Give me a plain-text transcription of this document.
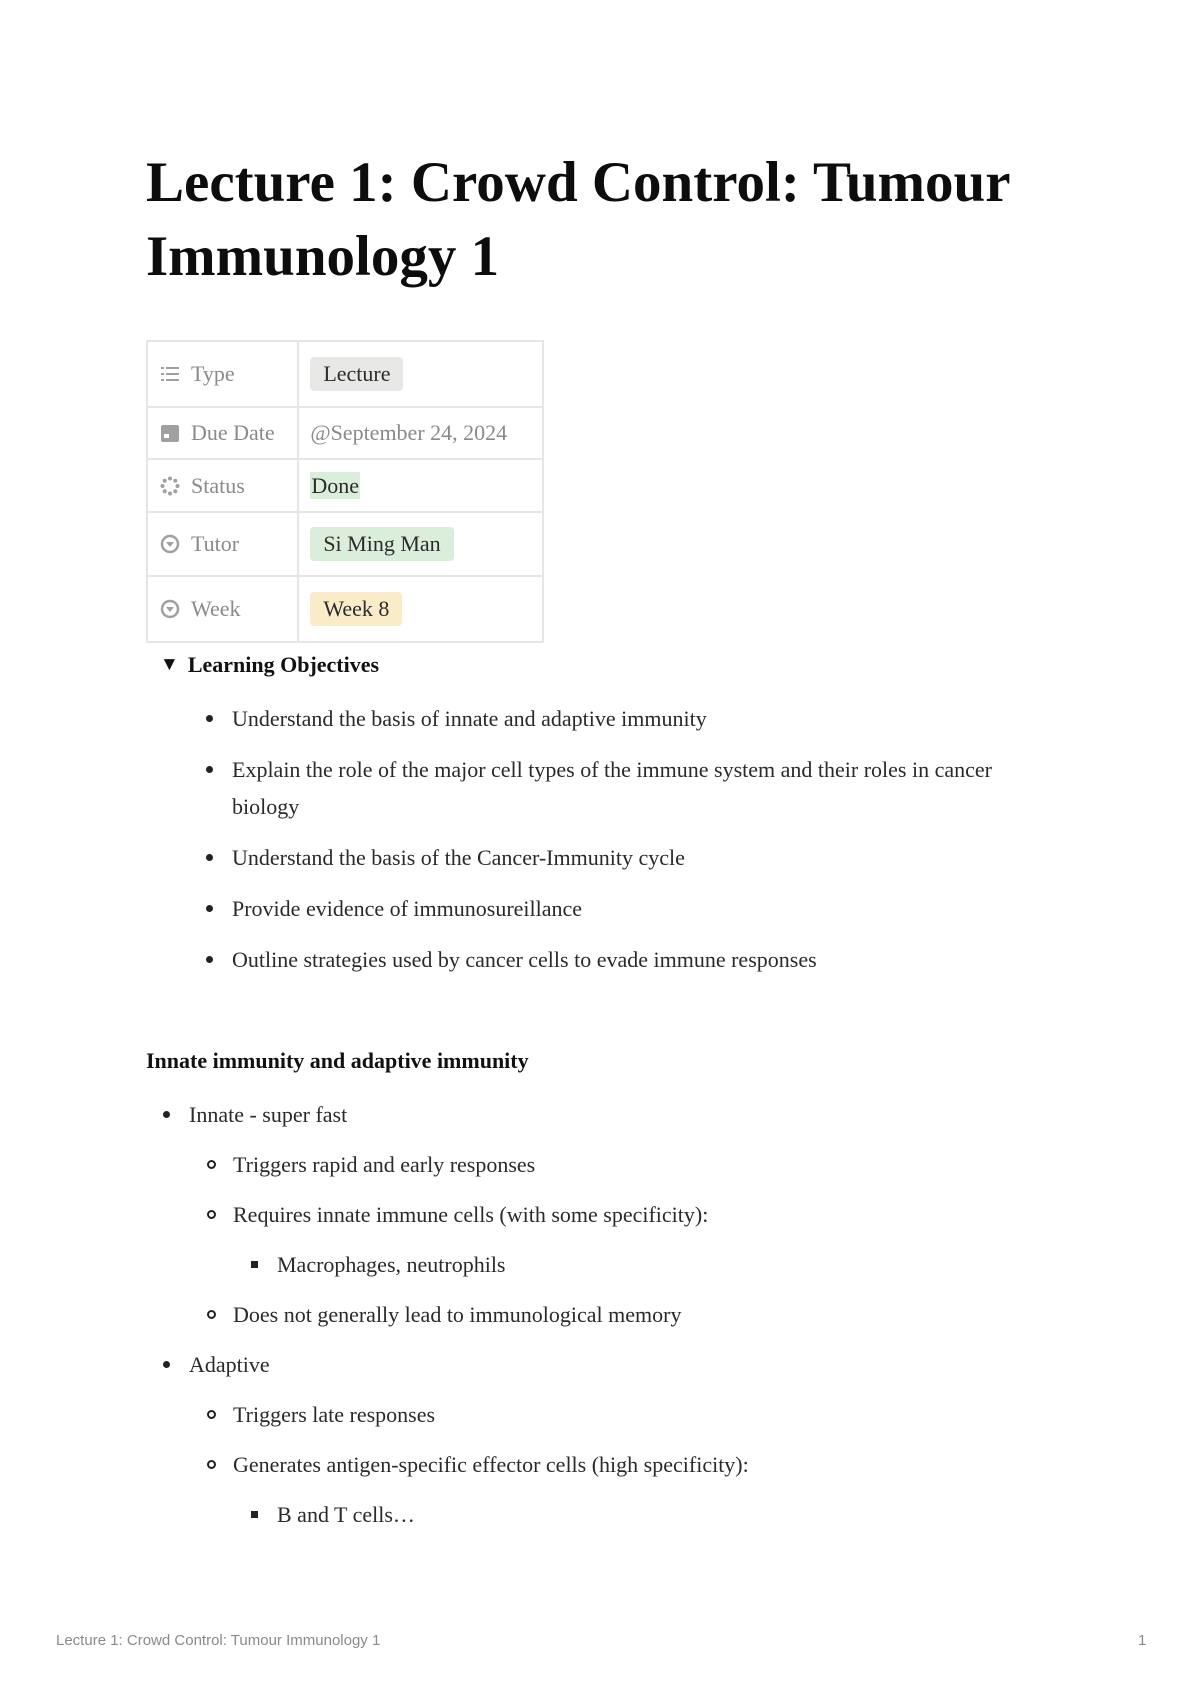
Lecture 1: Crowd Control: Tumour Immunology 1
Type	Lecture

Due Date	@September 24, 2024

Status	Done

Tutor	Si Ming Man

Week	Week 8
▼ Learning Objectives
Understand the basis of innate and adaptive immunity
Explain the role of the major cell types of the immune system and their roles in cancer biology
Understand the basis of the Cancer-Immunity cycle
Provide evidence of immunosureillance
Outline strategies used by cancer cells to evade immune responses
Innate immunity and adaptive immunity
Innate - super fast
Triggers rapid and early responses
Requires innate immune cells (with some specificity):
Macrophages, neutrophils
Does not generally lead to immunological memory
Adaptive
Triggers late responses
Generates antigen-specific effector cells (high specificity):
B and T cells…
Lecture 1: Crowd Control: Tumour Immunology 1	1
